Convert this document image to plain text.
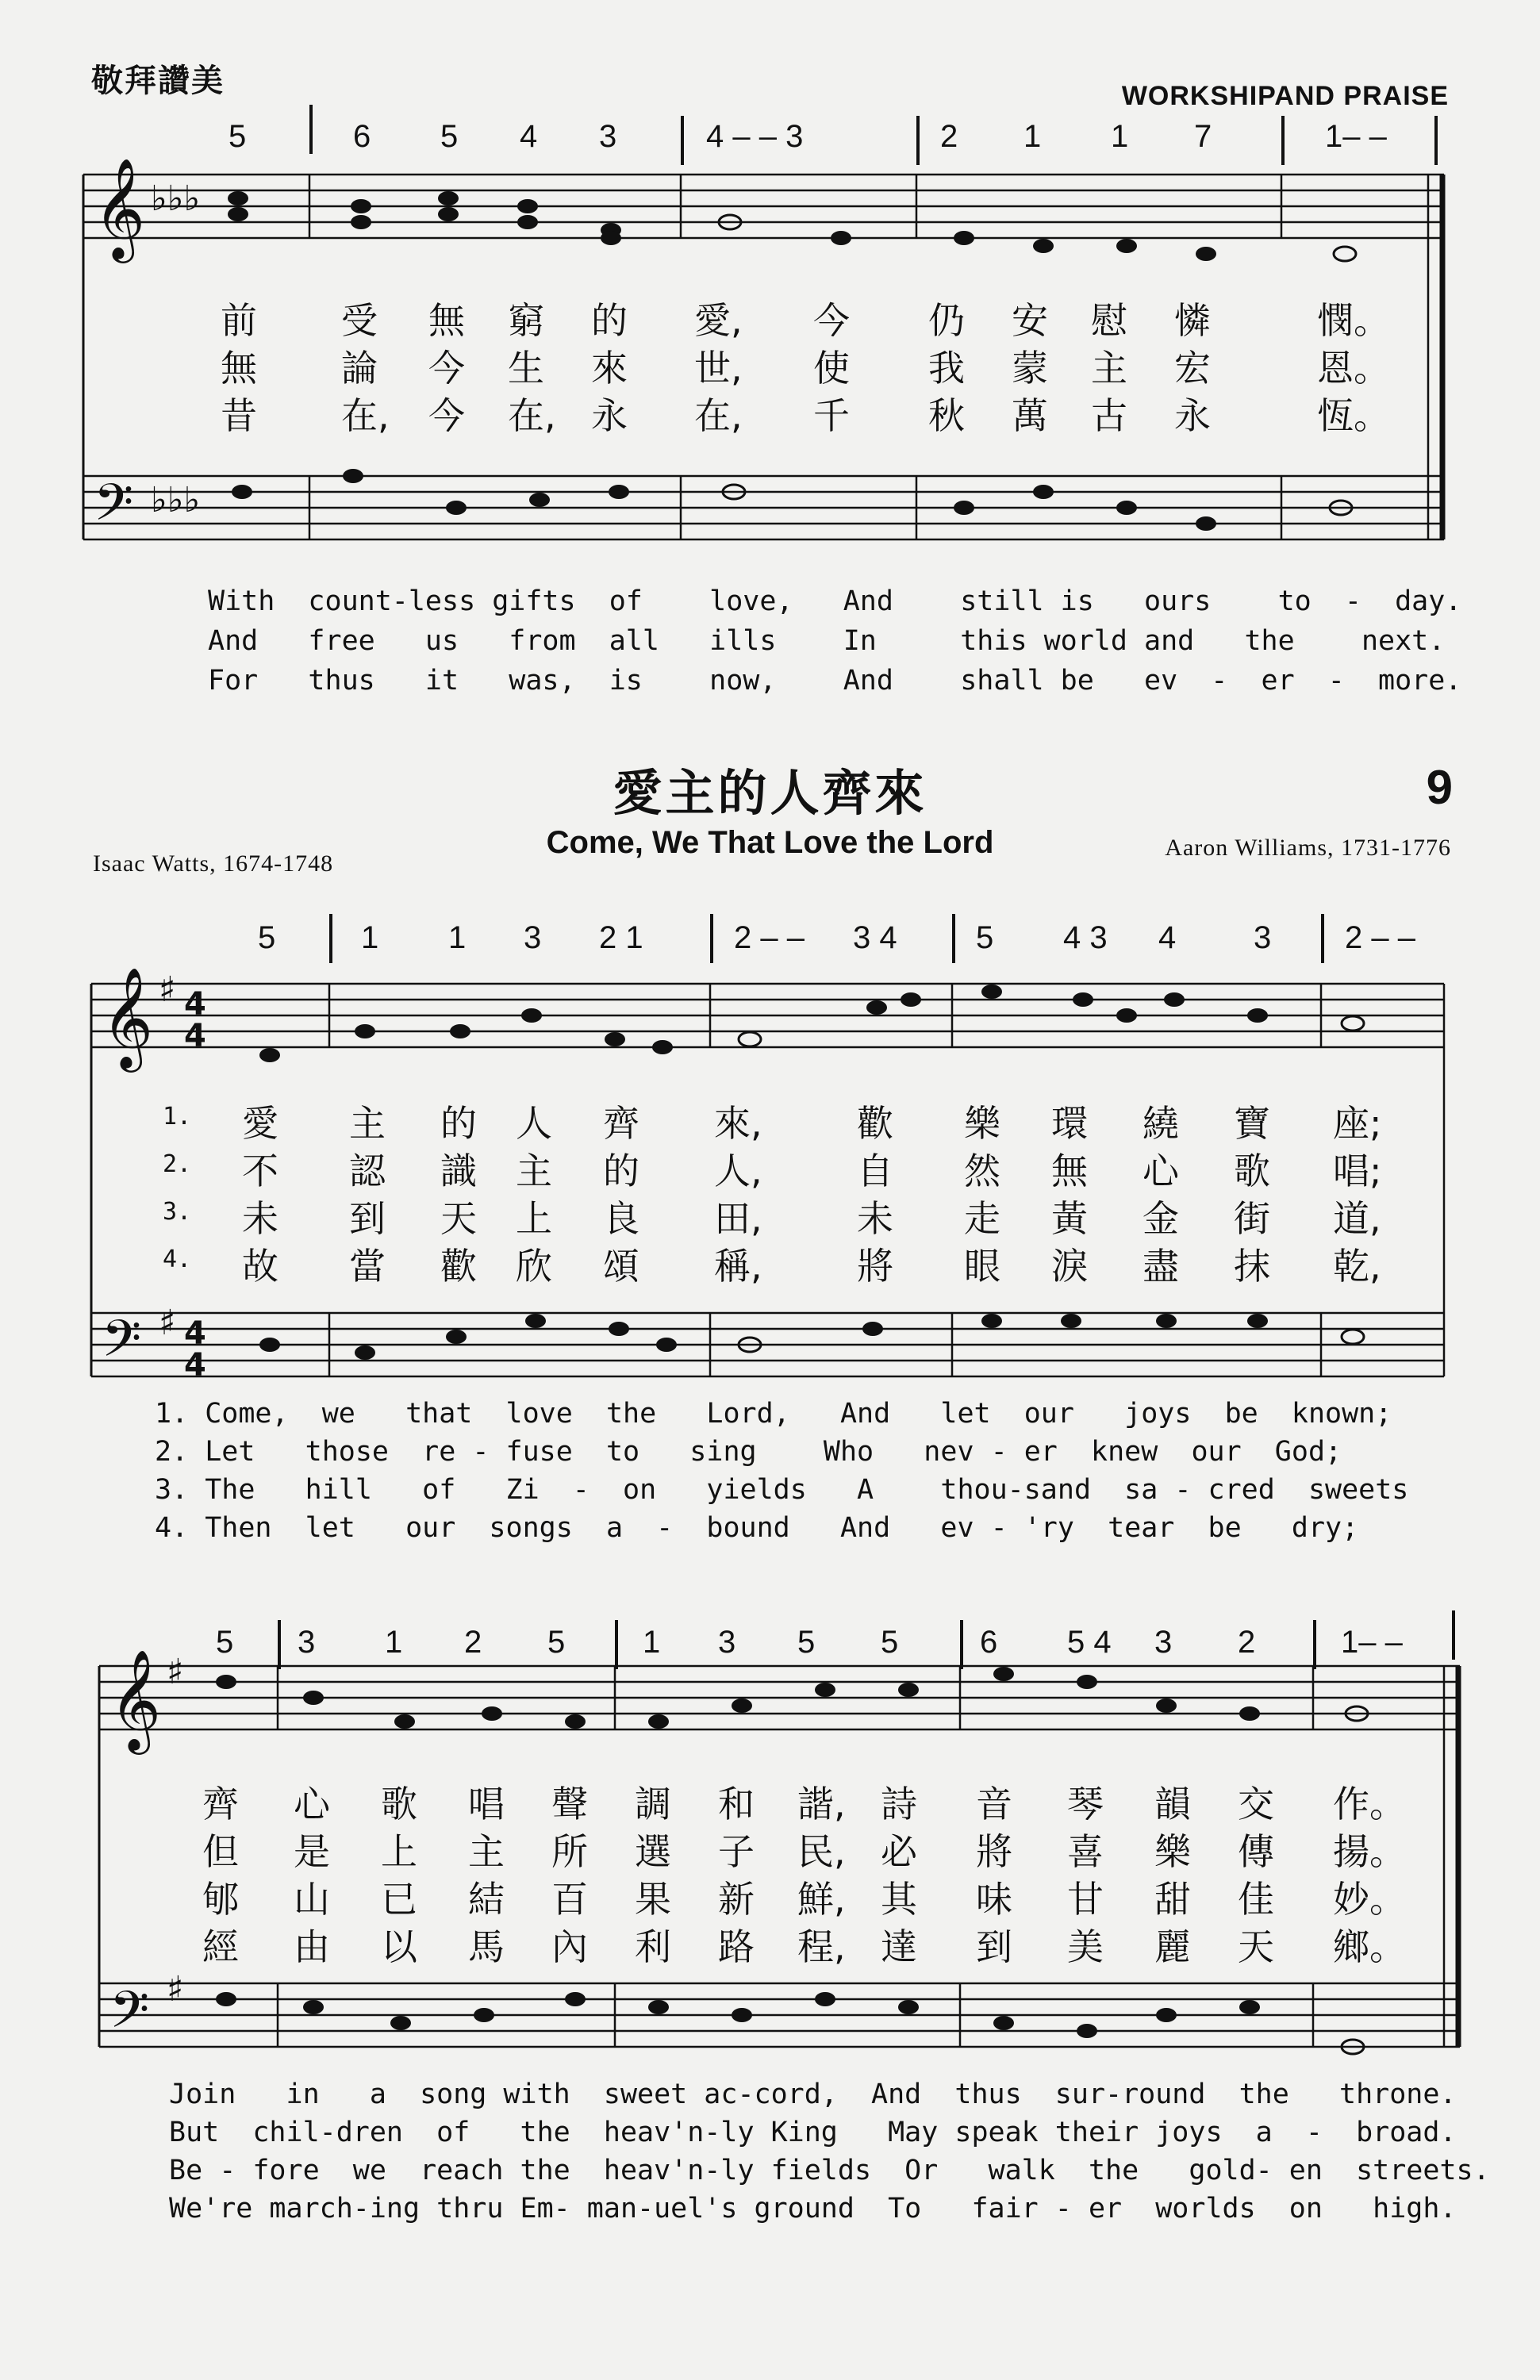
敬拜讚美	WORKSHIPAND PRAISE
𝄞
𝄢
♭♭♭
♭♭♭
𝄞
𝄢
♯
♯
4
4
4
4
𝄞
𝄢
♯
♯
5	6 5 4 3	4 – – 3	2 1 1 7	1– –
前 受 無 窮 的 愛, 今 仍 安 慰 憐	憫。
無 論 今 生 來 世, 使 我 蒙 主 宏	恩。
昔 在, 今 在, 永 在, 千 秋 萬 古 永	恆。
With  count-less gifts  of    love,   And    still is   ours    to  -  day.
And   free   us   from  all   ills    In     this world and   the    next.
For   thus   it   was,  is    now,    And    shall be   ev  -  er  -  more.
愛主的人齊來	9
Come, We That Love the Lord
Isaac Watts, 1674-1748
Aaron Williams, 1731-1776
5	1 1 3 2 1	2 – – 3 4 5 4 3 4 3 2 – –
1. 愛 主 的 人 齊 來,	歡 樂 環 繞 寶 座;
2. 不 認 識 主 的 人,	自 然 無 心 歌 唱;
3. 未 到 天 上 良 田,	未 走 黃 金 街 道,
4. 故 當 歡 欣 頌 稱,	將 眼 淚 盡 抹 乾,
1. Come,  we   that  love  the   Lord,   And   let  our   joys  be  known;
2. Let   those  re - fuse  to   sing    Who   nev - er  knew  our  God;
3. The   hill   of   Zi  -  on   yields   A    thou-sand  sa - cred  sweets
4. Then  let   our  songs  a  -  bound   And   ev - 'ry  tear  be   dry;
5 3 1 2 5 1 3 5 5	6 5 4 3 2	1– –
齊 心 歌 唱 聲 調 和 諧, 詩 音 琴 韻 交 作。
但 是 上 主 所 選 子 民, 必 將 喜 樂 傳 揚。
郇 山 已 結 百 果 新 鮮, 其 味 甘 甜 佳 妙。
經 由 以 馬 內 利 路 程, 達 到 美 麗 天 鄉。
Join   in   a  song with  sweet ac-cord,  And  thus  sur-round  the   throne.
But  chil-dren  of   the  heav'n-ly King   May speak their joys  a  -  broad.
Be - fore  we  reach the  heav'n-ly fields  Or   walk  the   gold- en  streets.
We're march-ing thru Em- man-uel's ground  To   fair - er  worlds  on   high.
